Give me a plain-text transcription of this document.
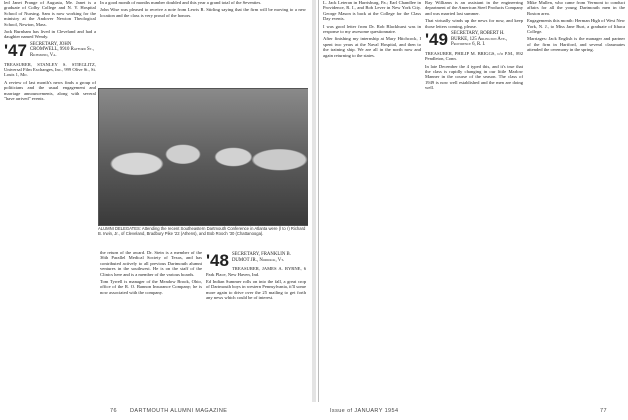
led Janet Prange of Augusta, Me. Janet is a graduate of Colby College and N. Y. Hospital School of Nursing. Sam is now working for the ministry at the Andover Newton Theological School, Newton, Mass.

Jack Burnham has lived in Cleveland and had a daughter named Wendy.

'47 SECRETARY, JOHN CROMWELL, 9910 Rayford St., Richmond, Va.

TREASURER, STANLEY S. STIEGLITZ, Universal Film Exchanges, Inc., 999 Olive St., St. Louis 1, Mo.

A review of last month's news finds a group of politicians and the usual engagement and marriage announcements, along with several "have arrived" events.

the return of the award. Dr. Stein is a member of the 36th Parallel Medical Society of Texas, and has contributed actively to all previous Dartmouth alumni ventures in the southwest. He is on the staff of the Clinics here and is a member of the various boards.

Tom Tyrrell is manager of the Meadow Brook, Ohio, office of the R. O. Bannon Insurance Company; he is now associated with the company.

'48 SECRETARY, FRANKLIN B. DUMOT JR., Norwalk, Vt.

TREASURER, JAMES A. BYRNE, 6 Park Place, New Haven, Ind.

Ed Indian Summer rolls on into the fall, a great crop of Dartmouth boys in western Pennsylvania, it'll some more again to drive over the 25 mailing to get forth any news which could be of interest.

In a good month of months number doubled and this year a grand total of the Seventies.

John Wise was pleased to receive a note from Lewis R. Stirling saying that the firm will be moving to a new location and the class is very proud of the honors.

ALUMNI DELEGATES: Attending the recent Southeastern Dartmouth Conference in Atlanta were (l to r) Richard B. Irwin, Jr., of Cleveland, Bradbury Pike '22 (Athens), and Bob Rooch '30 (Chattanooga).

L. Jack Leteran in Harrisburg, Pa.; Earl Chandlee in Providence, R. I., and Bob Lever in New York City. George Mason is back at the College for the Class Day events.

I was good letter from Dr. Rob Blackhurst was in response to my awesome questionnaire.

After finishing my internship at Mary Hitchcock, I spent two years at the Naval Hospital, and then to the training ship. We are all in the north now and again returning to the states.

Ray Williams is an assistant in the engineering department of the American Steel Products Company and was married last summer.

That virtually winds up the news for now, and keep those letters coming, please.

'49 SECRETARY, ROBERT H. BURKE, 125 Arlington Ave., Providence 6, R. I.

TREASURER, PHILIP M. BRIGGS, c/o P.M., 892 Pendleton, Conn.

In late December the 4 typed this, and it's true that the class is rapidly changing in our little Marlow Manner in the course of the season. The class of 1949 is now well established and the men are doing well.

Mike Mullen, who came from Vermont to conduct affairs for all the young Dartmouth men in the Boston area.

Engagements this month: Herman High of West New York, N. J., to Miss Jane Burt, a graduate of Ithaca College.

Marriages: Jack English is the manager and partner of the firm in Hartford, and several classmates attended the ceremony in the spring.

76 DARTMOUTH ALUMNI MAGAZINE	Issue of JANUARY 1954	77
